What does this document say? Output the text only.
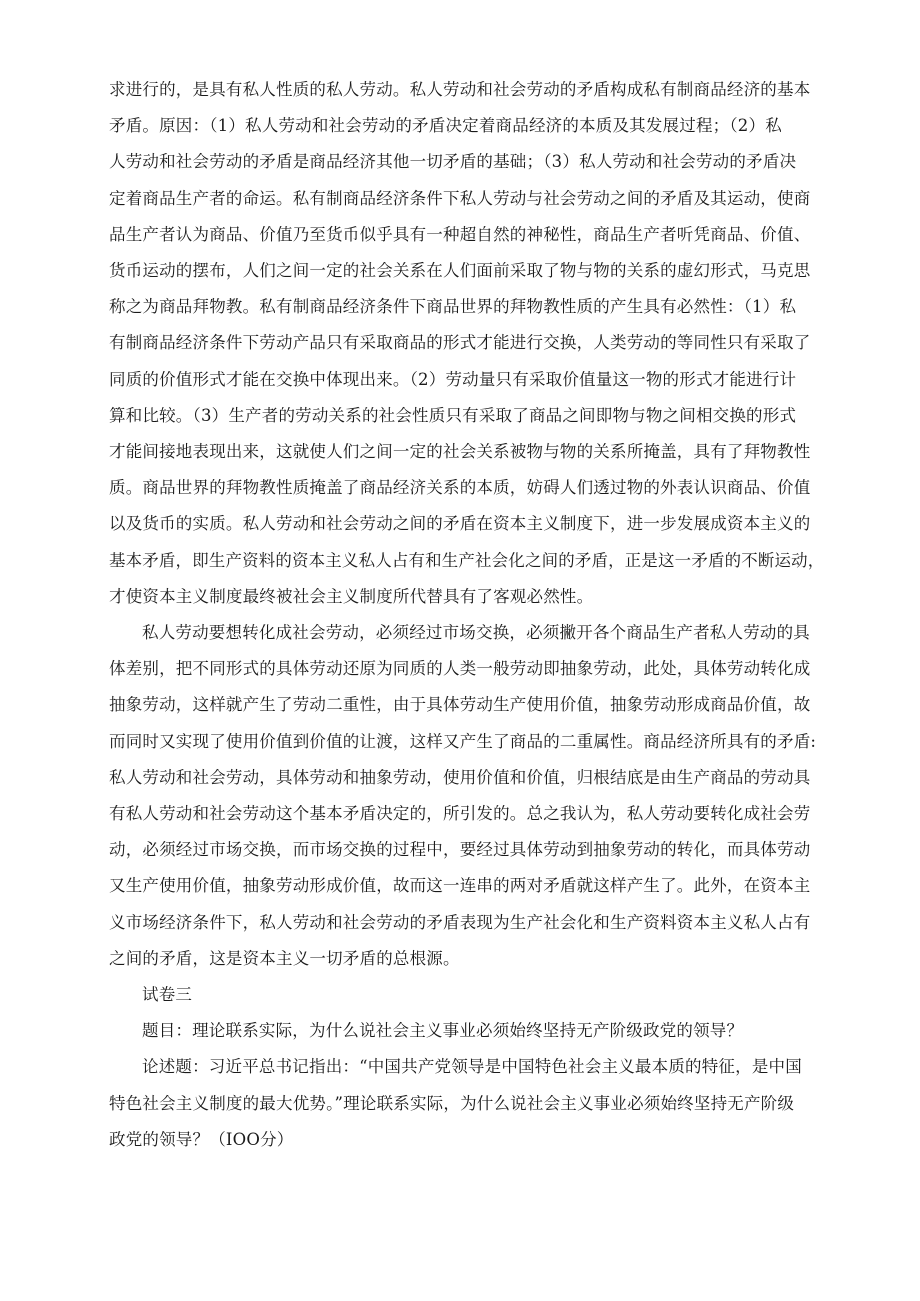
求进行的，是具有私人性质的私人劳动。私人劳动和社会劳动的矛盾构成私有制商品经济的基本
矛盾。原因：（1）私人劳动和社会劳动的矛盾决定着商品经济的本质及其发展过程；（2）私
人劳动和社会劳动的矛盾是商品经济其他一切矛盾的基础；（3）私人劳动和社会劳动的矛盾决
定着商品生产者的命运。私有制商品经济条件下私人劳动与社会劳动之间的矛盾及其运动，使商
品生产者认为商品、价值乃至货币似乎具有一种超自然的神秘性，商品生产者听凭商品、价值、
货币运动的摆布，人们之间一定的社会关系在人们面前采取了物与物的关系的虚幻形式，马克思
称之为商品拜物教。私有制商品经济条件下商品世界的拜物教性质的产生具有必然性：（1）私
有制商品经济条件下劳动产品只有采取商品的形式才能进行交换，人类劳动的等同性只有采取了
同质的价值形式才能在交换中体现出来。（2）劳动量只有采取价值量这一物的形式才能进行计
算和比较。（3）生产者的劳动关系的社会性质只有采取了商品之间即物与物之间相交换的形式
才能间接地表现出来，这就使人们之间一定的社会关系被物与物的关系所掩盖，具有了拜物教性
质。商品世界的拜物教性质掩盖了商品经济关系的本质，妨碍人们透过物的外表认识商品、价值
以及货币的实质。私人劳动和社会劳动之间的矛盾在资本主义制度下，进一步发展成资本主义的
基本矛盾，即生产资料的资本主义私人占有和生产社会化之间的矛盾，正是这一矛盾的不断运动，
才使资本主义制度最终被社会主义制度所代替具有了客观必然性。

私人劳动要想转化成社会劳动，必须经过市场交换，必须撇开各个商品生产者私人劳动的具
体差别，把不同形式的具体劳动还原为同质的人类一般劳动即抽象劳动，此处，具体劳动转化成
抽象劳动，这样就产生了劳动二重性，由于具体劳动生产使用价值，抽象劳动形成商品价值，故
而同时又实现了使用价值到价值的让渡，这样又产生了商品的二重属性。商品经济所具有的矛盾:
私人劳动和社会劳动，具体劳动和抽象劳动，使用价值和价值，归根结底是由生产商品的劳动具
有私人劳动和社会劳动这个基本矛盾决定的，所引发的。总之我认为，私人劳动要转化成社会劳
动，必须经过市场交换，而市场交换的过程中，要经过具体劳动到抽象劳动的转化，而具体劳动
又生产使用价值，抽象劳动形成价值，故而这一连串的两对矛盾就这样产生了。此外，在资本主
义市场经济条件下，私人劳动和社会劳动的矛盾表现为生产社会化和生产资料资本主义私人占有
之间的矛盾，这是资本主义一切矛盾的总根源。

试卷三

题目：理论联系实际，为什么说社会主义事业必须始终坚持无产阶级政党的领导？

论述题：习近平总书记指出：“中国共产党领导是中国特色社会主义最本质的特征，是中国
特色社会主义制度的最大优势。”理论联系实际，为什么说社会主义事业必须始终坚持无产阶级
政党的领导？（IOO分）
